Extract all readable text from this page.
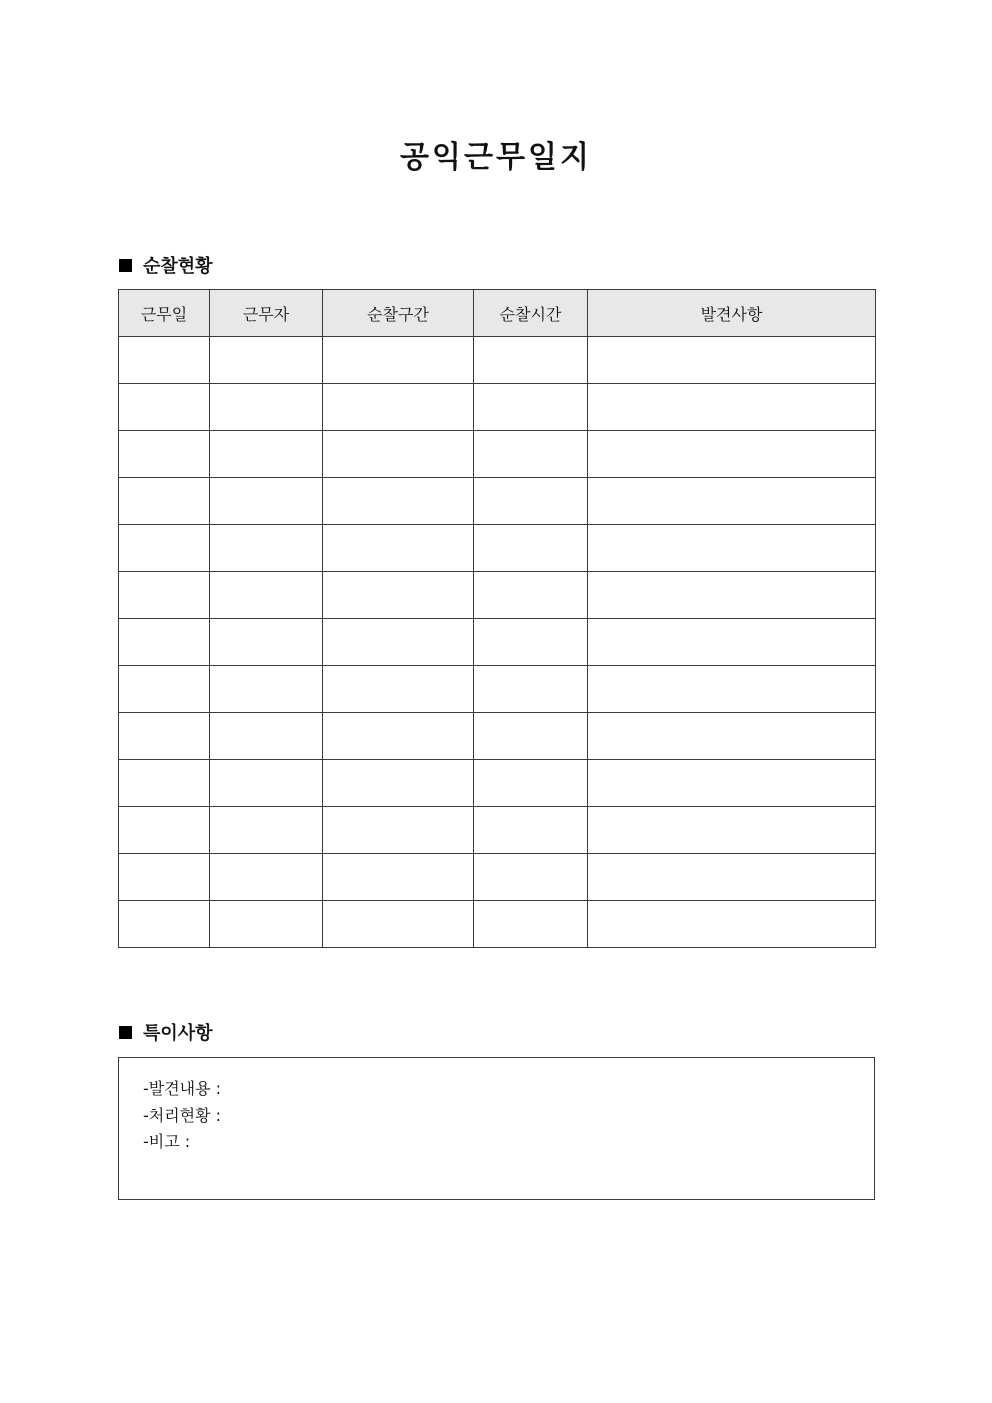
공익근무일지
순찰현황
근무일	근무자	순찰구간	순찰시간	발견사항

특이사항
-발견내용 :
-처리현황 :
-비고 :
